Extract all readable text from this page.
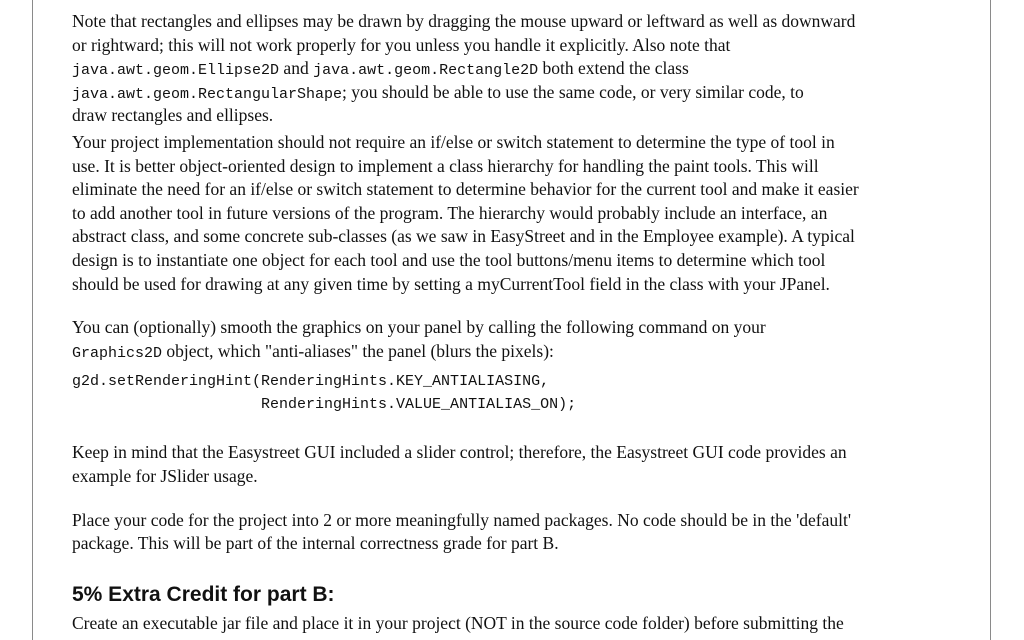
Note that rectangles and ellipses may be drawn by dragging the mouse upward or leftward as well as downward
or rightward; this will not work properly for you unless you handle it explicitly. Also note that
java.awt.geom.Ellipse2D and java.awt.geom.Rectangle2D both extend the class
java.awt.geom.RectangularShape; you should be able to use the same code, or very similar code, to
draw rectangles and ellipses.
Your project implementation should not require an if/else or switch statement to determine the type of tool in
use. It is better object-oriented design to implement a class hierarchy for handling the paint tools. This will
eliminate the need for an if/else or switch statement to determine behavior for the current tool and make it easier
to add another tool in future versions of the program. The hierarchy would probably include an interface, an
abstract class, and some concrete sub-classes (as we saw in EasyStreet and in the Employee example). A typical
design is to instantiate one object for each tool and use the tool buttons/menu items to determine which tool
should be used for drawing at any given time by setting a myCurrentTool field in the class with your JPanel.
You can (optionally) smooth the graphics on your panel by calling the following command on your
Graphics2D object, which "anti-aliases" the panel (blurs the pixels):
g2d.setRenderingHint(RenderingHints.KEY_ANTIALIASING,
RenderingHints.VALUE_ANTIALIAS_ON);
Keep in mind that the Easystreet GUI included a slider control; therefore, the Easystreet GUI code provides an
example for JSlider usage.
Place your code for the project into 2 or more meaningfully named packages. No code should be in the 'default'
package. This will be part of the internal correctness grade for part B.
5% Extra Credit for part B:
Create an executable jar file and place it in your project (NOT in the source code folder) before submitting the
